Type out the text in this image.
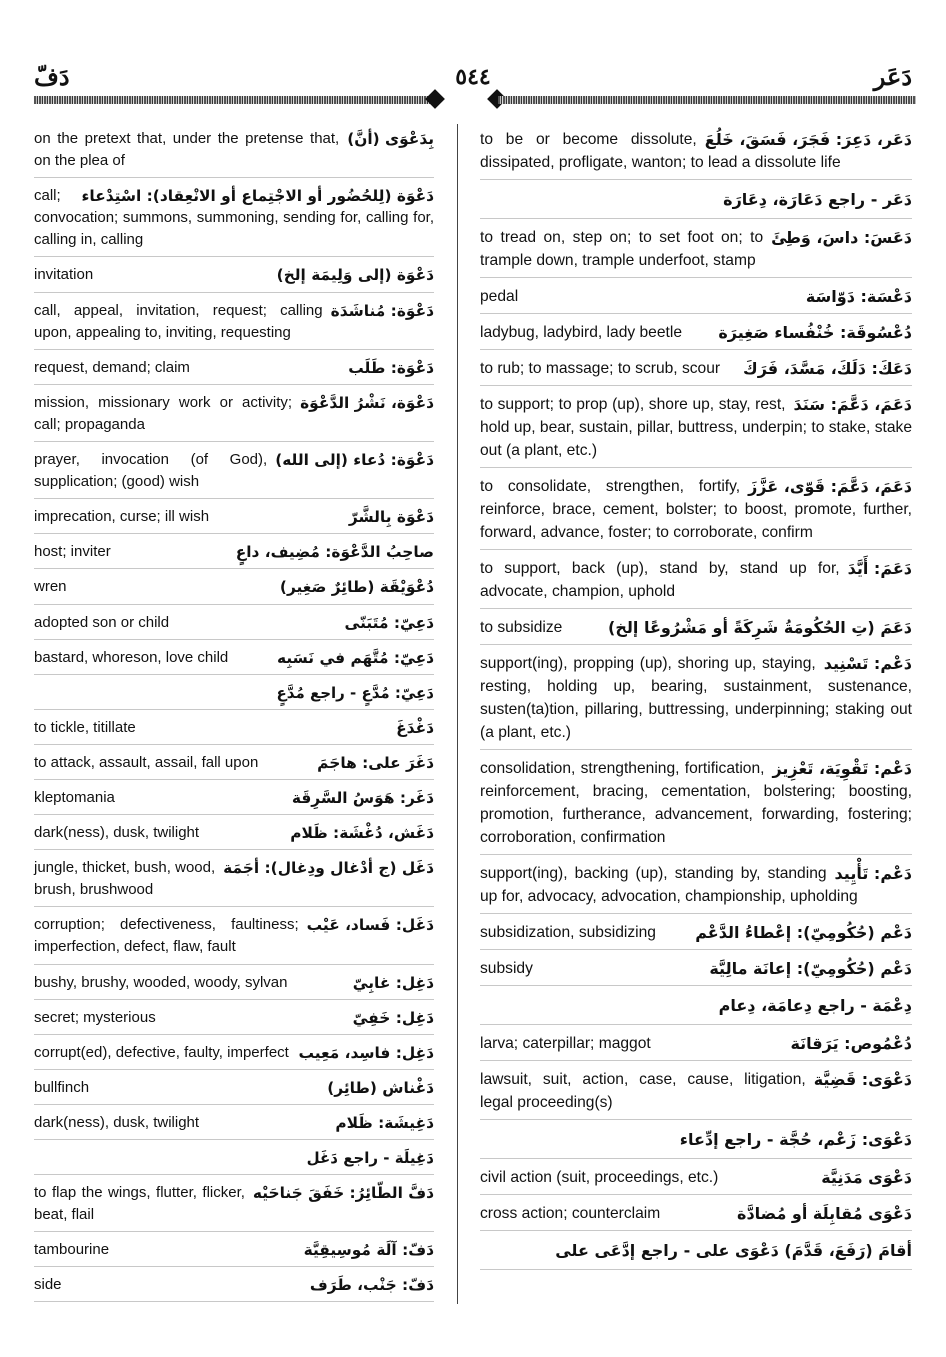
دَفّ	٥٤٤	دَعَر
بِدَعْوَى (أنَّ)
on the pretext that, under the pretense that, on the plea of
دَعْوَة (لِلحُضُور أو الاجْتِماع أو الانْعِقاد): اسْتِدْعاء
call; convocation; summons, summoning, sending for, calling for, calling in, calling
دَعْوَة (إلى وَلِيمَة إلخ)
invitation
دَعْوَة: مُناشَدَة
call, appeal, invitation, request; calling upon, appealing to, inviting, requesting
دَعْوَة: طَلَب
request, demand; claim
دَعْوَة، نَشْرُ الدَّعْوَة
mission, missionary work or activity; call; propaganda
دَعْوَة: دُعاء (إلى الله)
prayer, invocation (of God), supplication; (good) wish
دَعْوَة بِالشَّرّ
imprecation, curse; ill wish
صاحِبُ الدَّعْوَة: مُضِيف، داعٍ
host; inviter
دُعْوَيْقَة (طائِرٌ صَغِير)
wren
دَعِيّ: مُتَبَنّى
adopted son or child
دَعِيّ: مُتَّهَم في نَسَبِه
bastard, whoreson, love child
دَعِيّ: مُدَّعٍ - راجع مُدَّعٍ
دَغْدَغَ
to tickle, titillate
دَغَرَ على: هاجَمَ
to attack, assault, assail, fall upon
دَغَر: هَوَسُ السَّرِقَة
kleptomania
دَغَش، دُغْشَة: ظَلام
dark(ness), dusk, twilight
دَغَل (ج أدْغال ودِغال): أجَمَة
jungle, thicket, bush, wood, brush, brushwood
دَغَل: فَساد، عَيْب
corruption; defectiveness, faultiness; imperfection, defect, flaw, fault
دَغِل: غابِيّ
bushy, brushy, wooded, woody, sylvan
دَغِل: خَفِيّ
secret; mysterious
دَغِل: فاسِد، مَعِيب
corrupt(ed), defective, faulty, imperfect
دَغْناش (طائِر)
bullfinch
دَغِيشَة: ظَلام
dark(ness), dusk, twilight
دَغِيلَة - راجع دَغَل
دَفَّ الطّائِرُ: خَفَقَ جَناحَيْه
to flap the wings, flutter, flicker, beat, flail
دَفّ: آلَة مُوسِيقِيَّة
tambourine
دَفّ: جَنْب، طَرَف
side
دَعَر، دَعِرَ: فَجَرَ، فَسَقَ، خَلُعَ
to be or become dissolute, dissipated, profligate, wanton; to lead a dissolute life
دَعَر - راجع دَعَارَة، دِعَارَة
دَعَسَ: داسَ، وَطِئَ
to tread on, step on; to set foot on; to trample down, trample underfoot, stamp
دَعْسَة: دَوّاسَة
pedal
دُعْسُوقَة: خُنْفُساء صَغِيرَة
ladybug, ladybird, lady beetle
دَعَكَ: دَلَكَ، مَسَّدَ، فَرَكَ
to rub; to massage; to scrub, scour
دَعَمَ، دَعَّمَ: سَنَدَ
to support; to prop (up), shore up, stay, rest, hold up, bear, sustain, pillar, buttress, underpin; to stake, stake out (a plant, etc.)
دَعَمَ، دَعَّمَ: قَوّى، عَزَّزَ
to consolidate, strengthen, fortify, reinforce, brace, cement, bolster; to boost, promote, further, forward, advance, foster; to corroborate, confirm
دَعَمَ: أَيَّدَ
to support, back (up), stand by, stand up for, advocate, champion, uphold
دَعَمَ (تِ الحُكُومَةُ شَرِكَةً أو مَشْرُوعًا إلخ)
to subsidize
دَعْم: تَسْنِيد
support(ing), propping (up), shoring up, staying, resting, holding up, bearing, sustainment, sustenance, susten(ta)tion, pillaring, buttressing, underpinning; staking out (a plant, etc.)
دَعْم: تَقْوِيَة، تَعْزِيز
consolidation, strengthening, fortification, reinforcement, bracing, cementation, bolstering; boosting, promotion, furtherance, advancement, forwarding, fostering; corroboration, confirmation
دَعْم: تَأْيِيد
support(ing), backing (up), standing by, standing up for, advocacy, advocation, championship, upholding
دَعْم (حُكُومِيّ): إعْطاءُ الدَّعْم
subsidization, subsidizing
دَعْم (حُكُومِيّ): إعانَة مالِيَّة
subsidy
دِعْمَة - راجع دِعامَة، دِعام
دُعْمُوص: يَرَقانَة
larva; caterpillar; maggot
دَعْوَى: قَضِيَّة
lawsuit, suit, action, case, cause, litigation, legal proceeding(s)
دَعْوَى: زَعْم، حُجَّة - راجع إدِّعاء
دَعْوَى مَدَنِيَّة
civil action (suit, proceedings, etc.)
دَعْوَى مُقابِلَة أو مُضادَّة
cross action; counterclaim
أقامَ (رَفَعَ، قَدَّمَ) دَعْوَى على - راجع إدَّعَى على
